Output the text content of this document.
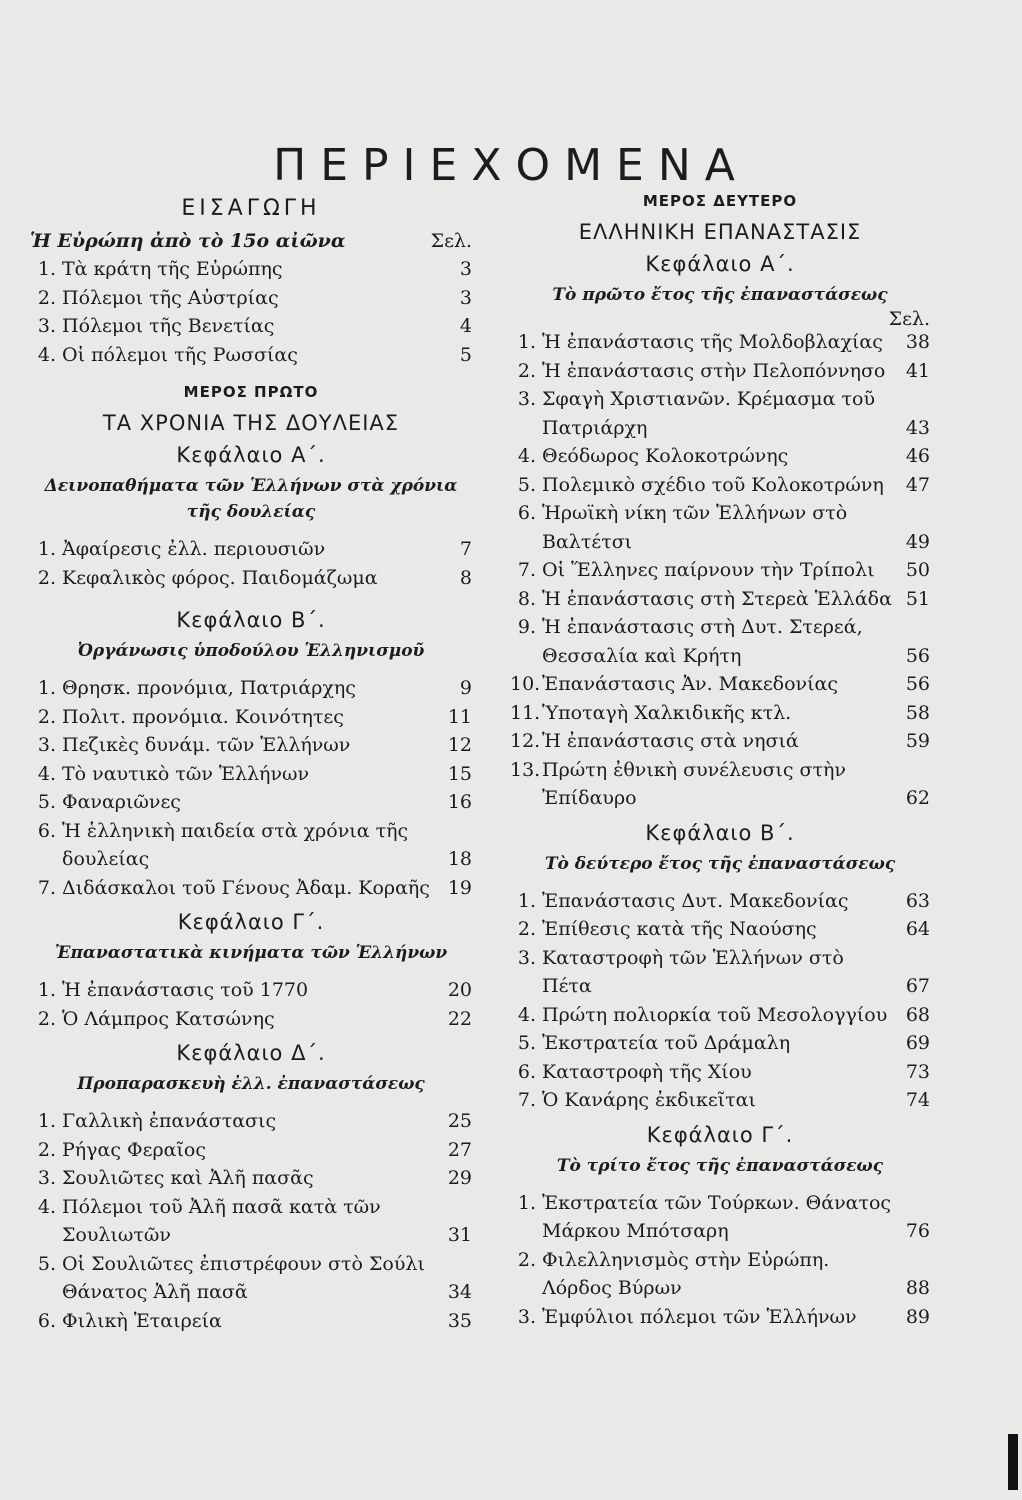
ΠΕΡΙΕΧΟΜΕΝΑ
ΕΙΣΑΓΩΓΗ
Ἡ Εὐρώπη ἀπὸ τὸ 15ο αἰῶνα	Σελ.
1. Τὰ κράτη τῆς Εὐρώπης	3
2. Πόλεμοι τῆς Αὐστρίας	3
3. Πόλεμοι τῆς Βενετίας	4
4. Οἱ πόλεμοι τῆς Ρωσσίας	5
ΜΕΡΟΣ ΠΡΩΤΟ
ΤΑ ΧΡΟΝΙΑ ΤΗΣ ΔΟΥΛΕΙΑΣ
Κεφάλαιο Α΄.
Δεινοπαθήματα τῶν Ἑλλήνων στὰ χρόνια τῆς δουλείας
1. Ἀφαίρεσις ἐλλ. περιουσιῶν	7
2. Κεφαλικὸς φόρος. Παιδομάζωμα	8
Κεφάλαιο Β΄.
Ὀργάνωσις ὑποδούλου Ἑλληνισμοῦ
1. Θρησκ. προνόμια, Πατριάρχης	9
2. Πολιτ. προνόμια. Κοινότητες	11
3. Πεζικὲς δυνάμ. τῶν Ἑλλήνων	12
4. Τὸ ναυτικὸ τῶν Ἑλλήνων	15
5. Φαναριῶνες	16
6. Ἡ ἑλληνικὴ παιδεία στὰ χρόνια τῆς δουλείας	18
7. Διδάσκαλοι τοῦ Γένους Ἀδαμ. Κοραῆς 19
Κεφάλαιο Γ΄.
Ἐπαναστατικὰ κινήματα τῶν Ἑλλήνων
1. Ἡ ἐπανάστασις τοῦ 1770	20
2. Ὁ Λάμπρος Κατσώνης	22
Κεφάλαιο Δ΄.
Προπαρασκευὴ ἐλλ. ἐπαναστάσεως
1. Γαλλικὴ ἐπανάστασις	25
2. Ρήγας Φεραῖος	27
3. Σουλιῶτες καὶ Ἀλῆ πασᾶς	29
4. Πόλεμοι τοῦ Ἀλῆ πασᾶ κατὰ τῶν Σουλιωτῶν	31
5. Οἱ Σουλιῶτες ἐπιστρέφουν στὸ Σούλι Θάνατος Ἀλῆ πασᾶ	34
6. Φιλικὴ Ἑταιρεία	35
ΜΕΡΟΣ ΔΕΥΤΕΡΟ
ΕΛΛΗΝΙΚΗ ΕΠΑΝΑΣΤΑΣΙΣ
Κεφάλαιο Α΄.
Τὸ πρῶτο ἔτος τῆς ἐπαναστάσεως
Σελ.
1. Ἡ ἐπανάστασις τῆς Μολδοβλαχίας	38
2. Ἡ ἐπανάστασις στὴν Πελοπόννησο	41
3. Σφαγὴ Χριστιανῶν. Κρέμασμα τοῦ Πατριάρχη	43
4. Θεόδωρος Κολοκοτρώνης	46
5. Πολεμικὸ σχέδιο τοῦ Κολοκοτρώνη	47
6. Ἡρωϊκὴ νίκη τῶν Ἑλλήνων στὸ Βαλτέτσι	49
7. Οἱ Ἕλληνες παίρνουν τὴν Τρίπολι	50
8. Ἡ ἐπανάστασις στὴ Στερεὰ Ἑλλάδα 51
9. Ἡ ἐπανάστασις στὴ Δυτ. Στερεά, Θεσσαλία καὶ Κρήτη	56
10. Ἐπανάστασις Ἀν. Μακεδονίας	56
11. Ὑποταγὴ Χαλκιδικῆς κτλ.	58
12. Ἡ ἐπανάστασις στὰ νησιά	59
13. Πρώτη ἐθνικὴ συνέλευσις στὴν Ἐπίδαυρο	62
Κεφάλαιο Β΄.
Τὸ δεύτερο ἔτος τῆς ἐπαναστάσεως
1. Ἐπανάστασις Δυτ. Μακεδονίας	63
2. Ἐπίθεσις κατὰ τῆς Ναούσης	64
3. Καταστροφὴ τῶν Ἑλλήνων στὸ Πέτα	67
4. Πρώτη πολιορκία τοῦ Μεσολογγίου 68
5. Ἐκστρατεία τοῦ Δράμαλη	69
6. Καταστροφὴ τῆς Χίου	73
7. Ὁ Κανάρης ἐκδικεῖται	74
Κεφάλαιο Γ΄.
Τὸ τρίτο ἔτος τῆς ἐπαναστάσεως
1. Ἐκστρατεία τῶν Τούρκων. Θάνατος Μάρκου Μπότσαρη	76
2. Φιλελληνισμὸς στὴν Εὐρώπη. Λόρδος Βύρων	88
3. Ἐμφύλιοι πόλεμοι τῶν Ἑλλήνων	89
